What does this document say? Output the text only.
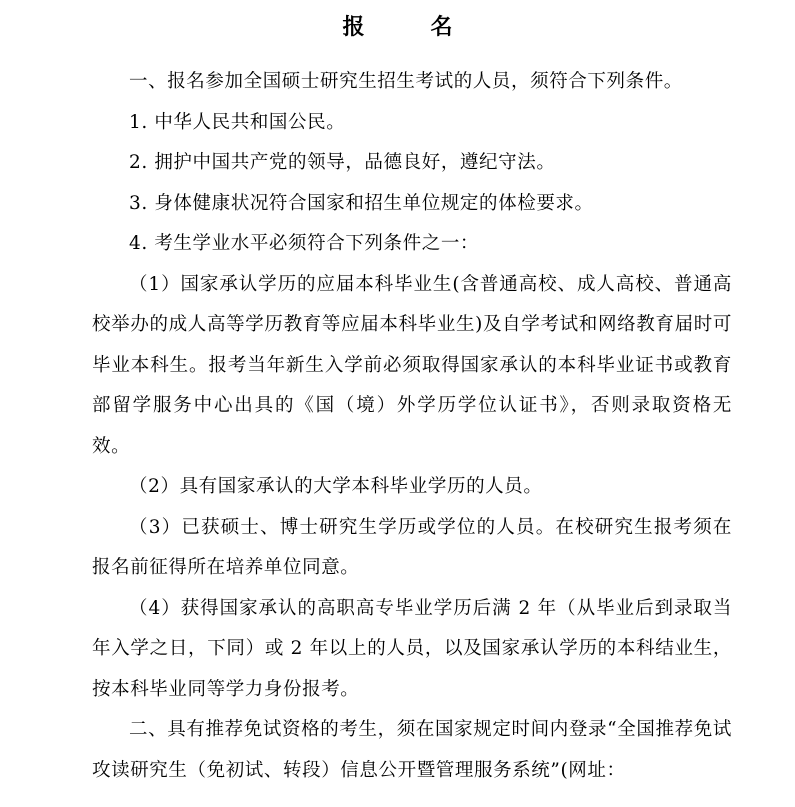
报　名

一、报名参加全国硕士研究生招生考试的人员，须符合下列条件。

1. 中华人民共和国公民。

2. 拥护中国共产党的领导，品德良好，遵纪守法。

3. 身体健康状况符合国家和招生单位规定的体检要求。

4. 考生学业水平必须符合下列条件之一：

（1）国家承认学历的应届本科毕业生(含普通高校、成人高校、普通高校举办的成人高等学历教育等应届本科毕业生)及自学考试和网络教育届时可毕业本科生。报考当年新生入学前必须取得国家承认的本科毕业证书或教育部留学服务中心出具的《国（境）外学历学位认证书》，否则录取资格无效。

（2）具有国家承认的大学本科毕业学历的人员。

（3）已获硕士、博士研究生学历或学位的人员。在校研究生报考须在报名前征得所在培养单位同意。

（4）获得国家承认的高职高专毕业学历后满 2 年（从毕业后到录取当年入学之日，下同）或 2 年以上的人员，以及国家承认学历的本科结业生，按本科毕业同等学力身份报考。

二、具有推荐免试资格的考生，须在国家规定时间内登录“全国推荐免试攻读研究生（免初试、转段）信息公开暨管理服务系统”(网址：
